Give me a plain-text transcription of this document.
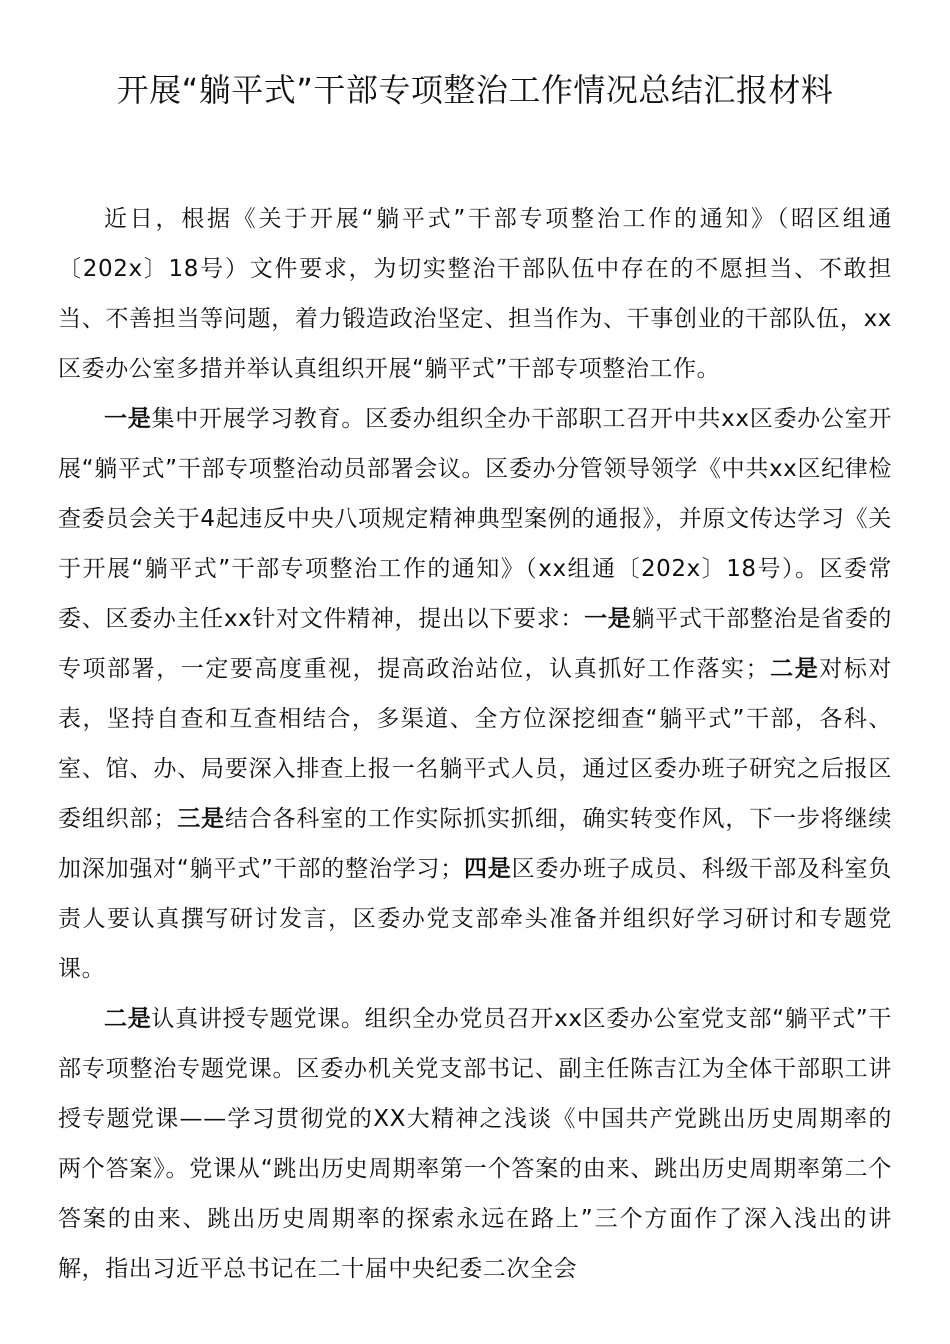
开展“躺平式”干部专项整治工作情况总结汇报材料

近日，根据《关于开展“躺平式”干部专项整治工作的通知》（昭区组通〔202x〕18号）文件要求，为切实整治干部队伍中存在的不愿担当、不敢担当、不善担当等问题，着力锻造政治坚定、担当作为、干事创业的干部队伍，xx区委办公室多措并举认真组织开展“躺平式”干部专项整治工作。

一是集中开展学习教育。区委办组织全办干部职工召开中共xx区委办公室开展“躺平式”干部专项整治动员部署会议。区委办分管领导领学《中共xx区纪律检查委员会关于4起违反中央八项规定精神典型案例的通报》，并原文传达学习《关于开展“躺平式”干部专项整治工作的通知》（xx组通〔202x〕18号）。区委常委、区委办主任xx针对文件精神，提出以下要求：一是躺平式干部整治是省委的专项部署，一定要高度重视，提高政治站位，认真抓好工作落实；二是对标对表，坚持自查和互查相结合，多渠道、全方位深挖细查“躺平式”干部，各科、室、馆、办、局要深入排查上报一名躺平式人员，通过区委办班子研究之后报区委组织部；三是结合各科室的工作实际抓实抓细，确实转变作风，下一步将继续加深加强对“躺平式”干部的整治学习；四是区委办班子成员、科级干部及科室负责人要认真撰写研讨发言，区委办党支部牵头准备并组织好学习研讨和专题党课。

二是认真讲授专题党课。组织全办党员召开xx区委办公室党支部“躺平式”干部专项整治专题党课。区委办机关党支部书记、副主任陈吉江为全体干部职工讲授专题党课——学习贯彻党的XX大精神之浅谈《中国共产党跳出历史周期率的两个答案》。党课从“跳出历史周期率第一个答案的由来、跳出历史周期率第二个答案的由来、跳出历史周期率的探索永远在路上”三个方面作了深入浅出的讲解，指出习近平总书记在二十届中央纪委二次全会
